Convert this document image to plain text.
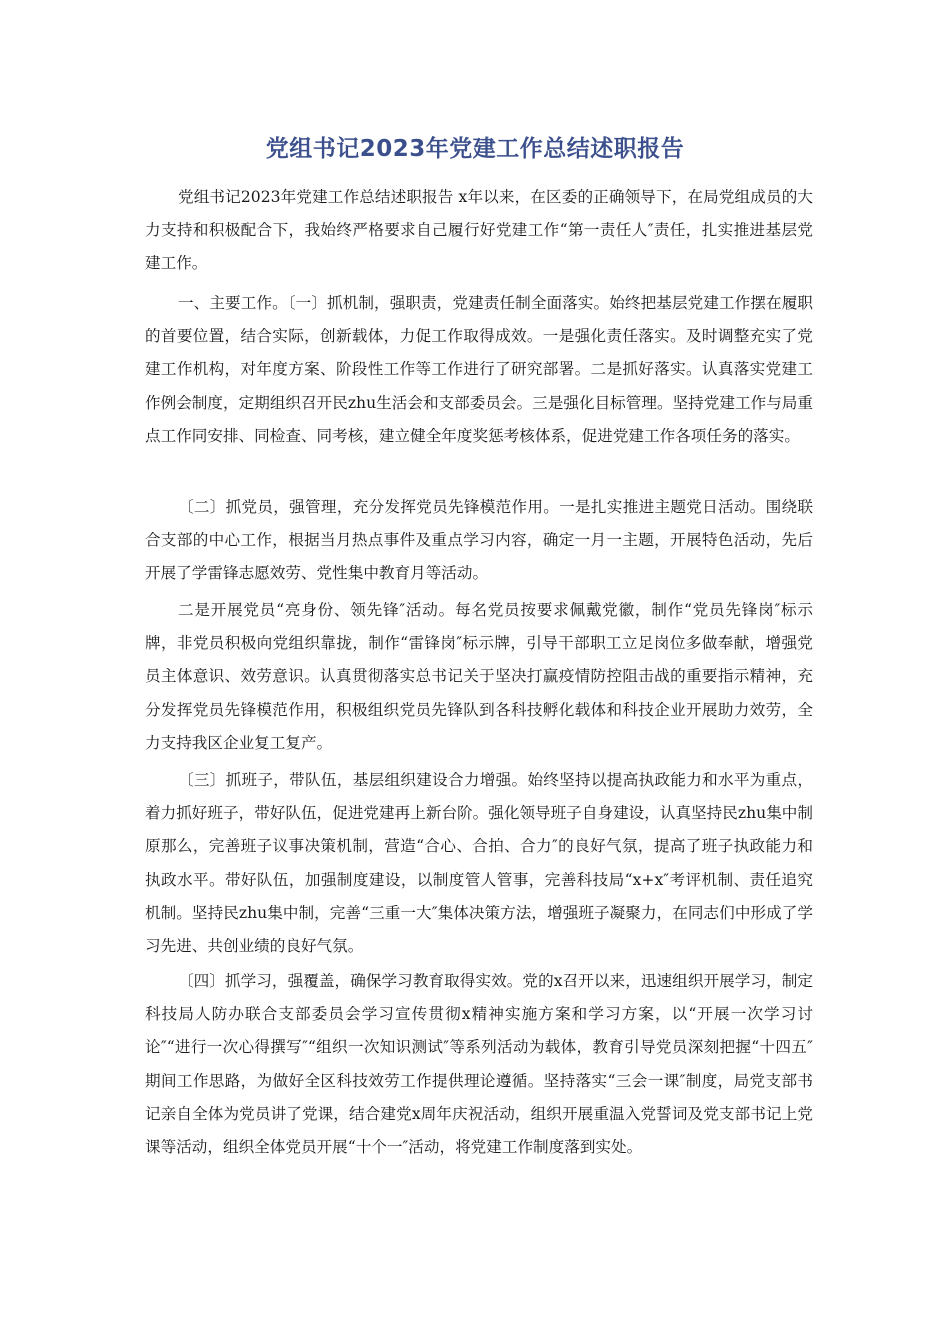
党组书记2023年党建工作总结述职报告

党组书记2023年党建工作总结述职报告 x年以来，在区委的正确领导下，在局党组成员的大力支持和积极配合下，我始终严格要求自己履行好党建工作“第一责任人″责任，扎实推进基层党建工作。

一、主要工作。〔一〕抓机制，强职责，党建责任制全面落实。始终把基层党建工作摆在履职的首要位置，结合实际，创新载体，力促工作取得成效。一是强化责任落实。及时调整充实了党建工作机构，对年度方案、阶段性工作等工作进行了研究部署。二是抓好落实。认真落实党建工作例会制度，定期组织召开民zhu生活会和支部委员会。三是强化目标管理。坚持党建工作与局重点工作同安排、同检查、同考核，建立健全年度奖惩考核体系，促进党建工作各项任务的落实。

〔二〕抓党员，强管理，充分发挥党员先锋模范作用。一是扎实推进主题党日活动。围绕联合支部的中心工作，根据当月热点事件及重点学习内容，确定一月一主题，开展特色活动，先后开展了学雷锋志愿效劳、党性集中教育月等活动。

二是开展党员“亮身份、领先锋″活动。每名党员按要求佩戴党徽，制作“党员先锋岗″标示牌，非党员积极向党组织靠拢，制作“雷锋岗″标示牌，引导干部职工立足岗位多做奉献，增强党员主体意识、效劳意识。认真贯彻落实总书记关于坚决打赢疫情防控阻击战的重要指示精神，充分发挥党员先锋模范作用，积极组织党员先锋队到各科技孵化载体和科技企业开展助力效劳，全力支持我区企业复工复产。

〔三〕抓班子，带队伍，基层组织建设合力增强。始终坚持以提高执政能力和水平为重点，着力抓好班子，带好队伍，促进党建再上新台阶。强化领导班子自身建设，认真坚持民zhu集中制原那么，完善班子议事决策机制，营造“合心、合拍、合力″的良好气氛，提高了班子执政能力和执政水平。带好队伍，加强制度建设，以制度管人管事，完善科技局“x+x″考评机制、责任追究机制。坚持民zhu集中制，完善“三重一大″集体决策方法，增强班子凝聚力，在同志们中形成了学习先进、共创业绩的良好气氛。

〔四〕抓学习，强覆盖，确保学习教育取得实效。党的x召开以来，迅速组织开展学习，制定科技局人防办联合支部委员会学习宣传贯彻x精神实施方案和学习方案，以“开展一次学习讨论″“进行一次心得撰写″“组织一次知识测试″等系列活动为载体，教育引导党员深刻把握“十四五″期间工作思路，为做好全区科技效劳工作提供理论遵循。坚持落实“三会一课″制度，局党支部书记亲自全体为党员讲了党课，结合建党x周年庆祝活动，组织开展重温入党誓词及党支部书记上党课等活动，组织全体党员开展“十个一″活动，将党建工作制度落到实处。
